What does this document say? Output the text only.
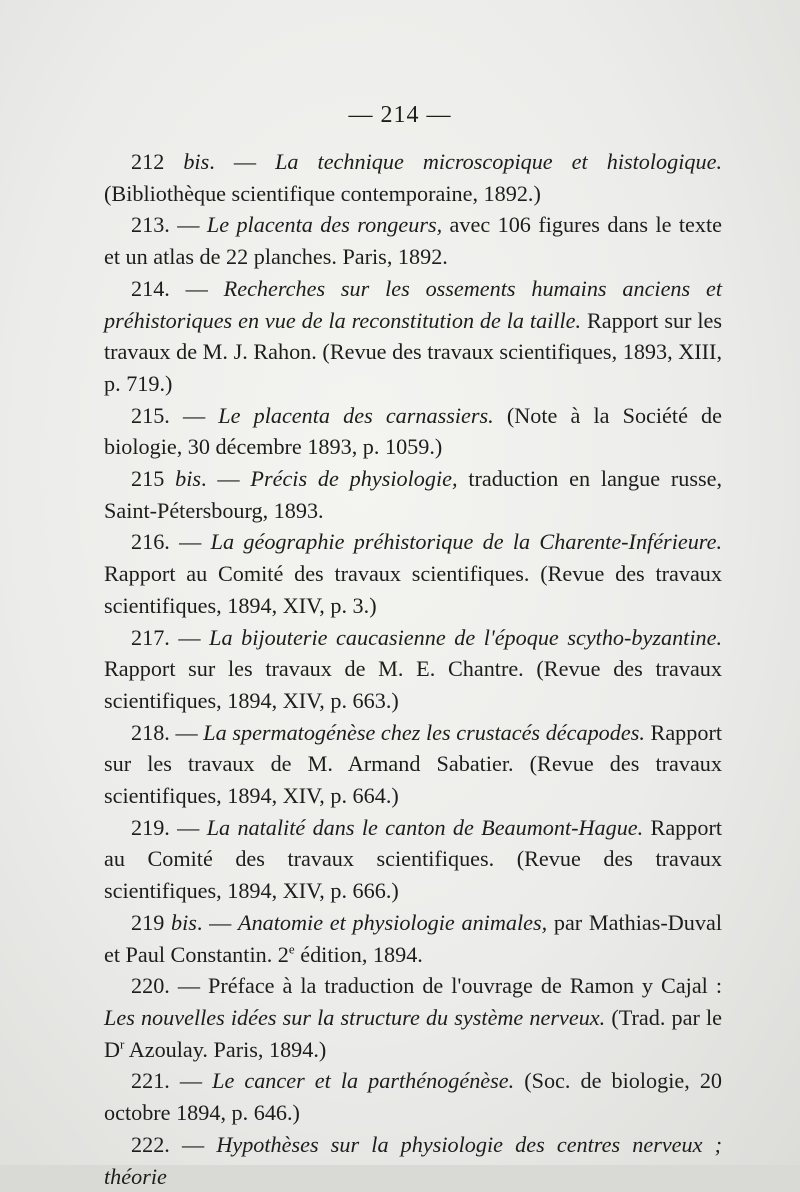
— 214 —

212 bis. — La technique microscopique et histologique. (Bibliothèque scientifique contemporaine, 1892.)

213. — Le placenta des rongeurs, avec 106 figures dans le texte et un atlas de 22 planches. Paris, 1892.

214. — Recherches sur les ossements humains anciens et préhistoriques en vue de la reconstitution de la taille. Rapport sur les travaux de M. J. Rahon. (Revue des travaux scientifiques, 1893, XIII, p. 719.)

215. — Le placenta des carnassiers. (Note à la Société de biologie, 30 décembre 1893, p. 1059.)

215 bis. — Précis de physiologie, traduction en langue russe, Saint-Pétersbourg, 1893.

216. — La géographie préhistorique de la Charente-Inférieure. Rapport au Comité des travaux scientifiques. (Revue des travaux scientifiques, 1894, XIV, p. 3.)

217. — La bijouterie caucasienne de l'époque scytho-byzantine. Rapport sur les travaux de M. E. Chantre. (Revue des travaux scientifiques, 1894, XIV, p. 663.)

218. — La spermatogénèse chez les crustacés décapodes. Rapport sur les travaux de M. Armand Sabatier. (Revue des travaux scientifiques, 1894, XIV, p. 664.)

219. — La natalité dans le canton de Beaumont-Hague. Rapport au Comité des travaux scientifiques. (Revue des travaux scientifiques, 1894, XIV, p. 666.)

219 bis. — Anatomie et physiologie animales, par Mathias-Duval et Paul Constantin. 2e édition, 1894.

220. — Préface à la traduction de l'ouvrage de Ramon y Cajal : Les nouvelles idées sur la structure du système nerveux. (Trad. par le $D^r$ Azoulay. Paris, 1894.)

221. — Le cancer et la parthénogénèse. (Soc. de biologie, 20 octobre 1894, p. 646.)

222. — Hypothèses sur la physiologie des centres nerveux ; théorie
